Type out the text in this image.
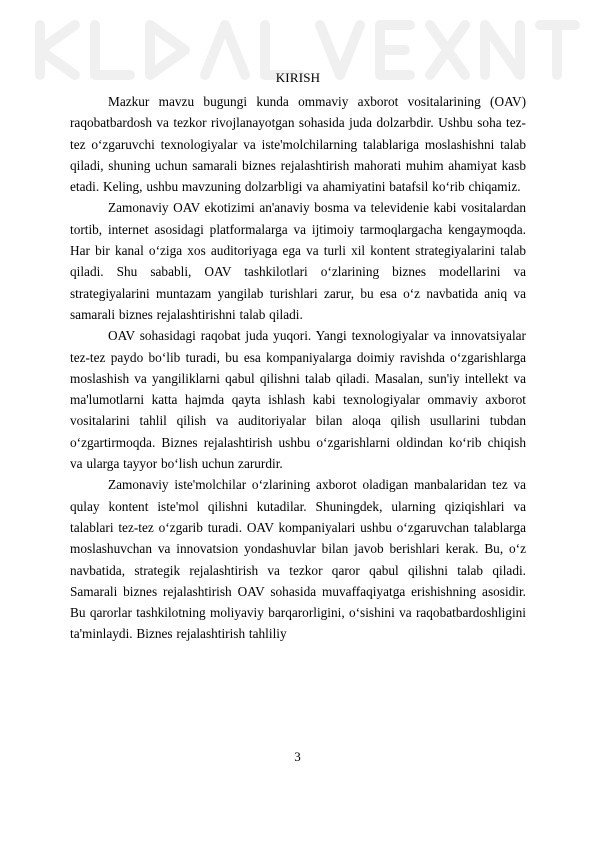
KIRISH

Mazkur mavzu bugungi kunda ommaviy axborot vositalarining (OAV) raqobatbardosh va tezkor rivojlanayotgan sohasida juda dolzarbdir. Ushbu soha tez-tez o‘zgaruvchi texnologiyalar va iste'molchilarning talablariga moslashishni talab qiladi, shuning uchun samarali biznes rejalashtirish mahorati muhim ahamiyat kasb etadi. Keling, ushbu mavzuning dolzarbligi va ahamiyatini batafsil ko‘rib chiqamiz.

Zamonaviy OAV ekotizimi an'anaviy bosma va televidenie kabi vositalardan tortib, internet asosidagi platformalarga va ijtimoiy tarmoqlargacha kengaymoqda. Har bir kanal o‘ziga xos auditoriyaga ega va turli xil kontent strategiyalarini talab qiladi. Shu sababli, OAV tashkilotlari o‘zlarining biznes modellarini va strategiyalarini muntazam yangilab turishlari zarur, bu esa o‘z navbatida aniq va samarali biznes rejalashtirishni talab qiladi.

OAV sohasidagi raqobat juda yuqori. Yangi texnologiyalar va innovatsiyalar tez-tez paydo bo‘lib turadi, bu esa kompaniyalarga doimiy ravishda o‘zgarishlarga moslashish va yangiliklarni qabul qilishni talab qiladi. Masalan, sun'iy intellekt va ma'lumotlarni katta hajmda qayta ishlash kabi texnologiyalar ommaviy axborot vositalarini tahlil qilish va auditoriyalar bilan aloqa qilish usullarini tubdan o‘zgartirmoqda. Biznes rejalashtirish ushbu o‘zgarishlarni oldindan ko‘rib chiqish va ularga tayyor bo‘lish uchun zarurdir.

Zamonaviy iste'molchilar o‘zlarining axborot oladigan manbalaridan tez va qulay kontent iste'mol qilishni kutadilar. Shuningdek, ularning qiziqishlari va talablari tez-tez o‘zgarib turadi. OAV kompaniyalari ushbu o‘zgaruvchan talablarga moslashuvchan va innovatsion yondashuvlar bilan javob berishlari kerak. Bu, o‘z navbatida, strategik rejalashtirish va tezkor qaror qabul qilishni talab qiladi. Samarali biznes rejalashtirish OAV sohasida muvaffaqiyatga erishishning asosidir. Bu qarorlar tashkilotning moliyaviy barqarorligini, o‘sishini va raqobatbardoshligini ta'minlaydi. Biznes rejalashtirish tahliliy

3
